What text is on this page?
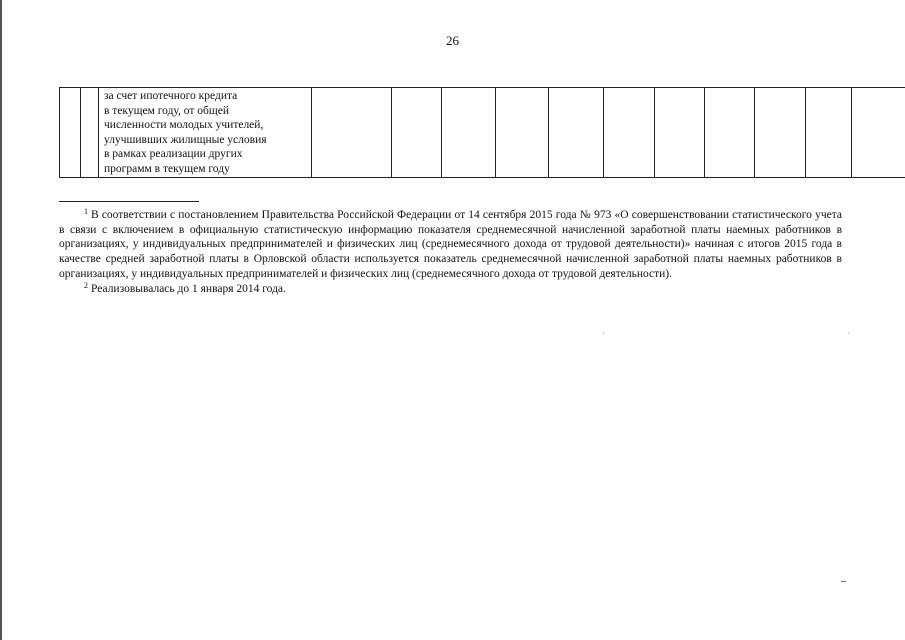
26

за счет ипотечного кредита
в текущем году, от общей
численности молодых учителей,
улучшивших жилищные условия
в рамках реализации других
программ в текущем году

$^1$ В соответствии с постановлением Правительства Российской Федерации от 14 сентября 2015 года № 973 «О совершенствовании статистического учета в связи с включением в официальную статистическую информацию показателя среднемесячной начисленной заработной платы наемных работников в организациях, у индивидуальных предпринимателей и физических лиц (среднемесячного дохода от трудовой деятельности)» начиная с итогов 2015 года в качестве средней заработной платы в Орловской области используется показатель среднемесячной начисленной заработной платы наемных работников в организациях, у индивидуальных предпринимателей и физических лиц (среднемесячного дохода от трудовой деятельности).

$^2$ Реализовывалась до 1 января 2014 года.
